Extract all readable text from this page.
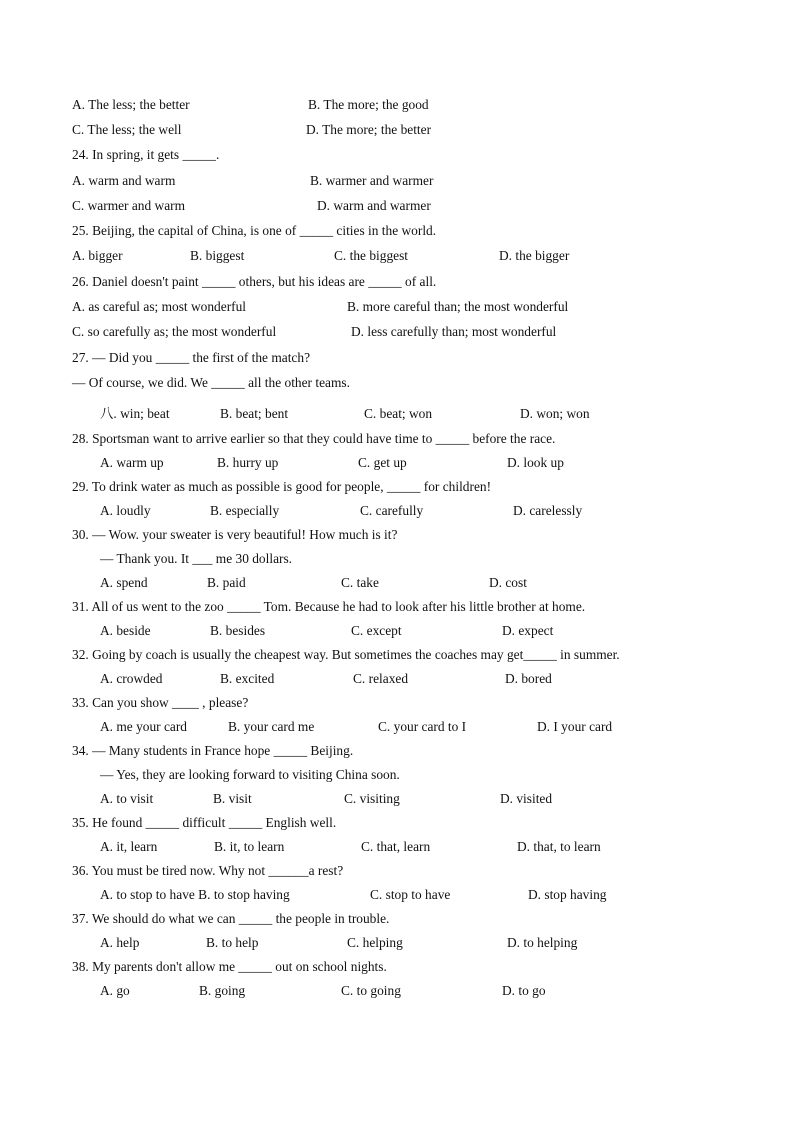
A. The less; the better

	B. The more; the good

C. The less; the well

	D. The more; the better

24. In spring, it gets _____.

A. warm and warm

	B. warmer and warmer

C. warmer and warm

	D. warm and warmer

25. Beijing, the capital of China, is one of _____ cities in the world.

A. bigger

	B. biggest

	C. the biggest

	D. the bigger

26. Daniel doesn't paint _____ others, but his ideas are _____ of all.

A. as careful as; most wonderful

	B. more careful than; the most wonderful

C. so carefully as; the most wonderful

	D. less carefully than; most wonderful

27. — Did you _____ the first of the match?

— Of course, we did. We _____ all the other teams.

八. win; beat

	B. beat; bent

	C. beat; won

	D. won; won

28. Sportsman want to arrive earlier so that they could have time to _____ before the race.

A. warm up

	B. hurry up

	C. get up

	D. look up

29. To drink water as much as possible is good for people, _____ for children!

A. loudly

	B. especially

	C. carefully

	D. carelessly

30. — Wow. your sweater is very beautiful! How much is it?

— Thank you. It ___ me 30 dollars.

A. spend

	B. paid

	C. take

	D. cost

31. All of us went to the zoo _____ Tom. Because he had to look after his little brother at home.

A. beside

	B. besides

	C. except

	D. expect

32. Going by coach is usually the cheapest way. But sometimes the coaches may get_____ in summer.

A. crowded

	B. excited

	C. relaxed

	D. bored

33. Can you show ____ , please?

A. me your card

	B. your card me

	C. your card to I

	D. I your card

34. — Many students in France hope _____ Beijing.

— Yes, they are looking forward to visiting China soon.

A. to visit

	B. visit

	C. visiting

	D. visited

35. He found _____ difficult _____ English well.

A. it, learn

	B. it, to learn

	C. that, learn

	D. that, to learn

36. You must be tired now. Why not ______a rest?

A. to stop to have B. to stop having

	C. stop to have

	D. stop having

37. We should do what we can _____ the people in trouble.

A. help

	B. to help

	C. helping

	D. to helping

38. My parents don't allow me _____ out on school nights.

A. go

	B. going

	C. to going

	D. to go
